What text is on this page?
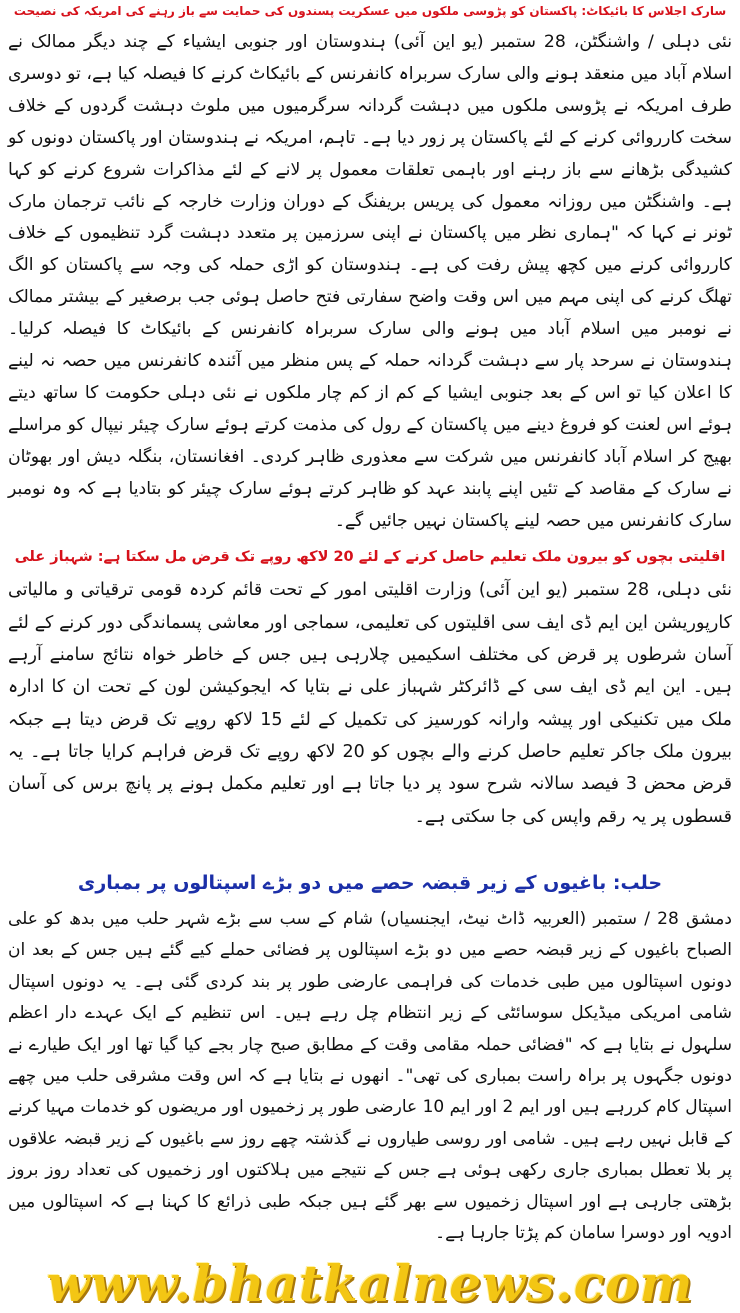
سارک اجلاس کا بائیکاٹ: پاکستان کو پڑوسی ملکوں میں عسکریت پسندوں کی حمایت سے باز رہنے کی امریکہ کی نصیحت

نئی دہلی / واشنگٹن، 28 ستمبر (یو این آئی) ہندوستان اور جنوبی ایشیاء کے چند دیگر ممالک نے اسلام آباد میں منعقد ہونے والی سارک سربراہ کانفرنس کے بائیکاٹ کرنے کا فیصلہ کیا ہے، تو دوسری طرف امریکہ نے پڑوسی ملکوں میں دہشت گردانہ سرگرمیوں میں ملوث دہشت گردوں کے خلاف سخت کارروائی کرنے کے لئے پاکستان پر زور دیا ہے۔ تاہم، امریکہ نے ہندوستان اور پاکستان دونوں کو کشیدگی بڑھانے سے باز رہنے اور باہمی تعلقات معمول پر لانے کے لئے مذاکرات شروع کرنے کو کہا ہے۔ واشنگٹن میں روزانہ معمول کی پریس بریفنگ کے دوران وزارت خارجہ کے نائب ترجمان مارک ٹونر نے کہا کہ "ہماری نظر میں پاکستان نے اپنی سرزمین پر متعدد دہشت گرد تنظیموں کے خلاف کارروائی کرنے میں کچھ پیش رفت کی ہے۔ ہندوستان کو اڑی حملہ کی وجہ سے پاکستان کو الگ تھلگ کرنے کی اپنی مہم میں اس وقت واضح سفارتی فتح حاصل ہوئی جب برصغیر کے بیشتر ممالک نے نومبر میں اسلام آباد میں ہونے والی سارک سربراہ کانفرنس کے بائیکاٹ کا فیصلہ کرلیا۔ ہندوستان نے سرحد پار سے دہشت گردانہ حملہ کے پس منظر میں آئندہ کانفرنس میں حصہ نہ لینے کا اعلان کیا تو اس کے بعد جنوبی ایشیا کے کم از کم چار ملکوں نے نئی دہلی حکومت کا ساتھ دیتے ہوئے اس لعنت کو فروغ دینے میں پاکستان کے رول کی مذمت کرتے ہوئے سارک چیئر نیپال کو مراسلے بھیج کر اسلام آباد کانفرنس میں شرکت سے معذوری ظاہر کردی۔ افغانستان، بنگلہ دیش اور بھوٹان نے سارک کے مقاصد کے تئیں اپنے پابند عہد کو ظاہر کرتے ہوئے سارک چیئر کو بتادیا ہے کہ وہ نومبر سارک کانفرنس میں حصہ لینے پاکستان نہیں جائیں گے۔

اقلیتی بچوں کو بیرون ملک تعلیم حاصل کرنے کے لئے 20 لاکھ روپے تک قرض مل سکتا ہے: شہباز علی

نئی دہلی، 28 ستمبر (یو این آئی) وزارت اقلیتی امور کے تحت قائم کردہ قومی ترقیاتی و مالیاتی کارپوریشن این ایم ڈی ایف سی اقلیتوں کی تعلیمی، سماجی اور معاشی پسماندگی دور کرنے کے لئے آسان شرطوں پر قرض کی مختلف اسکیمیں چلارہی ہیں جس کے خاطر خواہ نتائج سامنے آرہے ہیں۔ این ایم ڈی ایف سی کے ڈائرکٹر شہباز علی نے بتایا کہ ایجوکیشن لون کے تحت ان کا ادارہ ملک میں تکنیکی اور پیشہ وارانہ کورسیز کی تکمیل کے لئے 15 لاکھ روپے تک قرض دیتا ہے جبکہ بیرون ملک جاکر تعلیم حاصل کرنے والے بچوں کو 20 لاکھ روپے تک قرض فراہم کرایا جاتا ہے۔ یہ قرض محض 3 فیصد سالانہ شرح سود پر دیا جاتا ہے اور تعلیم مکمل ہونے پر پانچ برس کی آسان قسطوں پر یہ رقم واپس کی جا سکتی ہے۔

حلب: باغیوں کے زیر قبضہ حصے میں دو بڑے اسپتالوں پر بمباری

دمشق 28 / ستمبر (العربیہ ڈاٹ نیٹ، ایجنسیاں) شام کے سب سے بڑے شہر حلب میں بدھ کو علی الصباح باغیوں کے زیر قبضہ حصے میں دو بڑے اسپتالوں پر فضائی حملے کیے گئے ہیں جس کے بعد ان دونوں اسپتالوں میں طبی خدمات کی فراہمی عارضی طور پر بند کردی گئی ہے۔ یہ دونوں اسپتال شامی امریکی میڈیکل سوسائٹی کے زیر انتظام چل رہے ہیں۔ اس تنظیم کے ایک عہدے دار اعظم سلہول نے بتایا ہے کہ "فضائی حملہ مقامی وقت کے مطابق صبح چار بجے کیا گیا تھا اور ایک طیارے نے دونوں جگہوں پر براہ راست بمباری کی تھی"۔ انھوں نے بتایا ہے کہ اس وقت مشرقی حلب میں چھے اسپتال کام کررہے ہیں اور ایم 2 اور ایم 10 عارضی طور پر زخمیوں اور مریضوں کو خدمات مہیا کرنے کے قابل نہیں رہے ہیں۔ شامی اور روسی طیاروں نے گذشتہ چھے روز سے باغیوں کے زیر قبضہ علاقوں پر بلا تعطل بمباری جاری رکھی ہوئی ہے جس کے نتیجے میں ہلاکتوں اور زخمیوں کی تعداد روز بروز بڑھتی جارہی ہے اور اسپتال زخمیوں سے بھر گئے ہیں جبکہ طبی ذرائع کا کہنا ہے کہ اسپتالوں میں ادویہ اور دوسرا سامان کم پڑتا جارہا ہے۔

www.bhatkalnews.com
